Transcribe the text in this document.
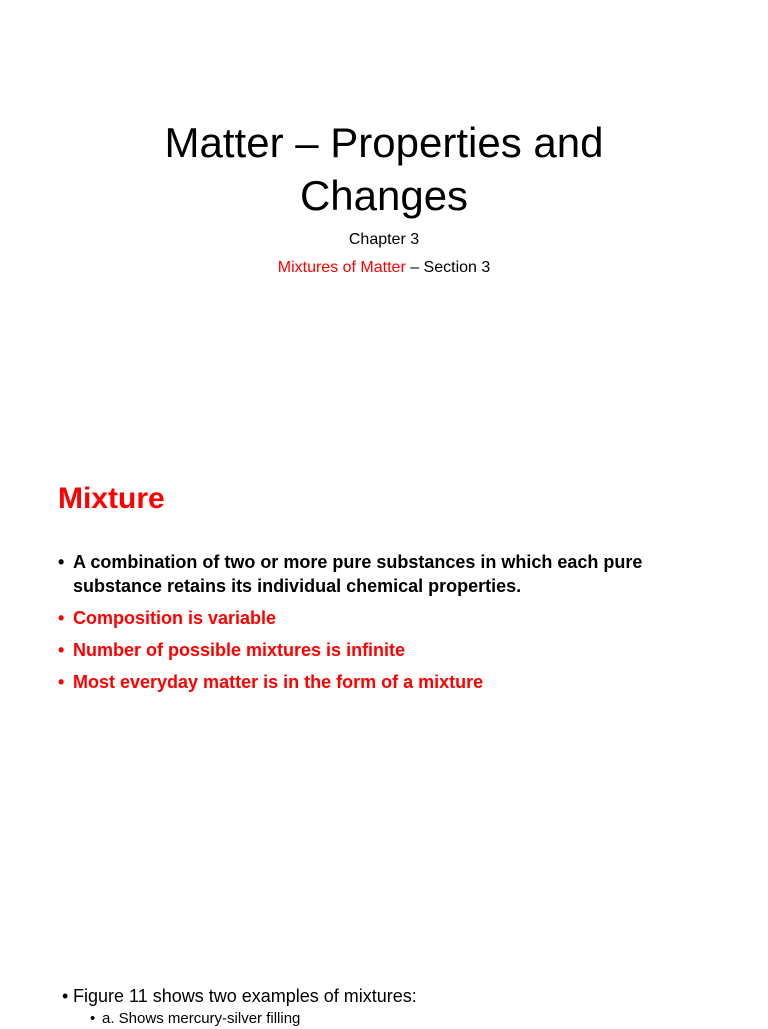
Matter – Properties and
Changes
Chapter 3
Mixtures of Matter – Section 3
Mixture
• A combination of two or more pure substances in which each pure substance retains its individual chemical properties.
• Composition is variable
• Number of possible mixtures is infinite
• Most everyday matter is in the form of a mixture
• Figure 11 shows two examples of mixtures:
• a. Shows mercury-silver filling
